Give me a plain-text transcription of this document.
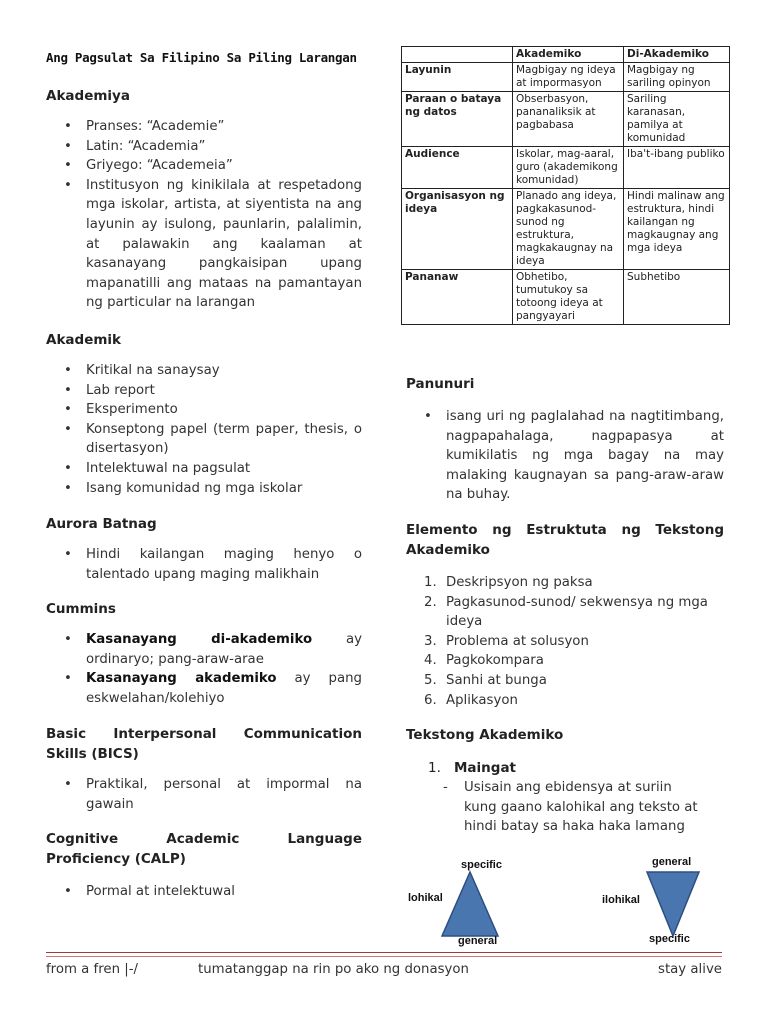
Ang Pagsulat Sa Filipino Sa Piling Larangan
Akademiya
• Pranses: “Academie”
• Latin: “Academia”
• Griyego: “Academeia”
• Institusyon ng kinikilala at respetadong mga iskolar, artista, at siyentista na ang layunin ay isulong, paunlarin, palalimin, at palawakin ang kaalaman at kasanayang pangkaisipan upang mapanatilli ang mataas na pamantayan ng particular na larangan
Akademik
• Kritikal na sanaysay
• Lab report
• Eksperimento
• Konseptong papel (term paper, thesis, o disertasyon)
• Intelektuwal na pagsulat
• Isang komunidad ng mga iskolar
Aurora Batnag
• Hindi kailangan maging henyo o talentado upang maging malikhain
Cummins
• Kasanayang di-akademiko ay ordinaryo; pang-araw-arae
• Kasanayang akademiko ay pang eskwelahan/kolehiyo
Basic Interpersonal Communication Skills (BICS)
• Praktikal, personal at impormal na gawain
Cognitive Academic Language Proficiency (CALP)
• Pormal at intelektuwal
	Akademiko	Di-Akademiko
Layunin	Magbigay ng ideya at impormasyon	Magbigay ng sariling opinyon
Paraan o bataya ng datos	Obserbasyon, pananaliksik at pagbabasa	Sariling karanasan, pamilya at komunidad
Audience	Iskolar, mag-aaral, guro (akademikong komunidad)	Iba't-ibang publiko
Organisasyon ng ideya	Planado ang ideya, pagkakasunod-sunod ng estruktura, magkakaugnay na ideya	Hindi malinaw ang estruktura, hindi kailangan ng magkaugnay ang mga ideya
Pananaw	Obhetibo, tumutukoy sa totoong ideya at pangyayari	Subhetibo
Panunuri
• isang uri ng paglalahad na nagtitimbang, nagpapahalaga, nagpapasya at kumikilatis ng mga bagay na may malaking kaugnayan sa pang-araw-araw na buhay.
Elemento ng Estruktuta ng Tekstong Akademiko
1. Deskripsyon ng paksa
2. Pagkasunod-sunod/ sekwensya ng mga ideya
3. Problema at solusyon
4. Pagkokompara
5. Sanhi at bunga
6. Aplikasyon
Tekstong Akademiko
1. Maingat
- Usisain ang ebidensya at suriin kung gaano kalohikal ang teksto at hindi batay sa haka haka lamang
specific
general
lohikal
general
specific
ilohikal
from a fren |-/	tumatanggap na rin po ako ng donasyon	stay alive
